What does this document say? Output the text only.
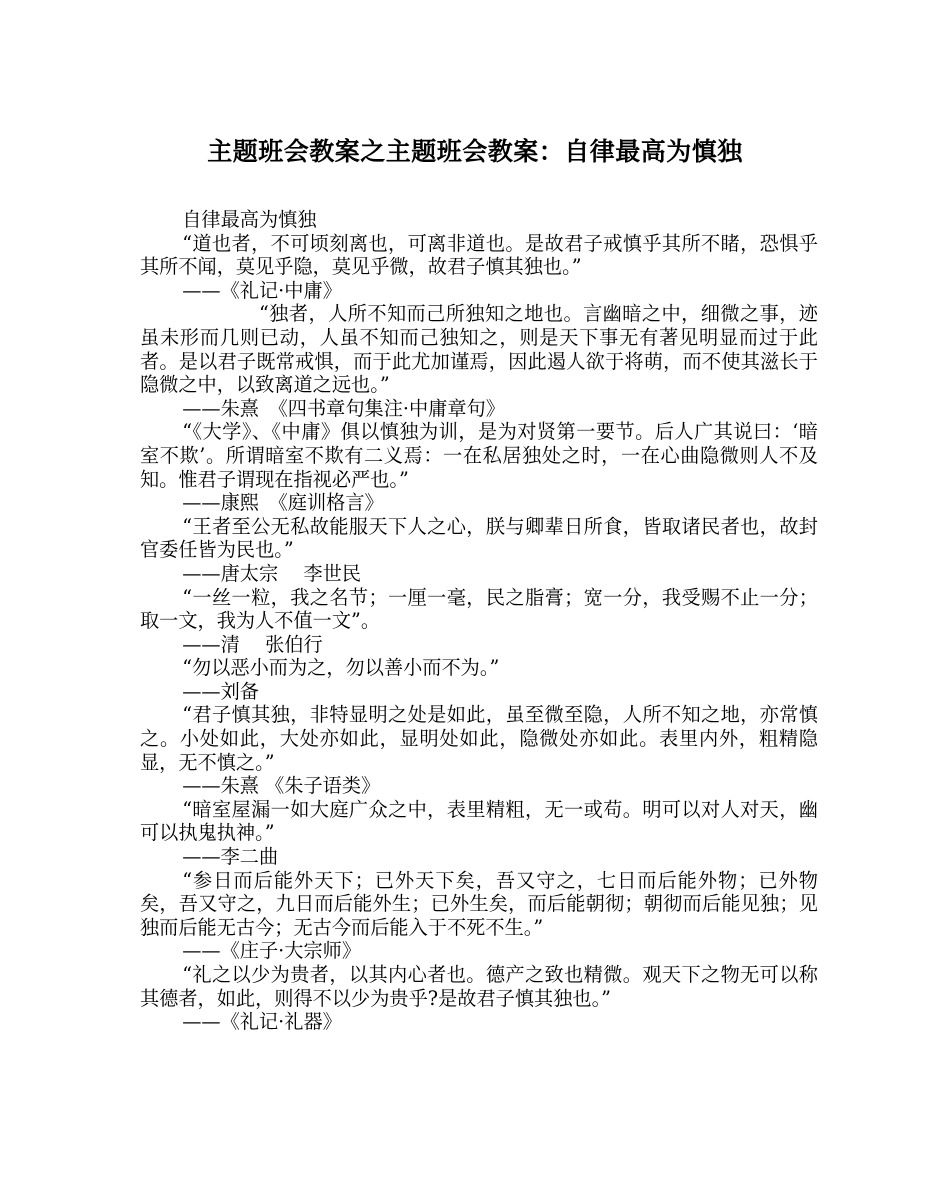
主题班会教案之主题班会教案：自律最高为慎独

自律最高为慎独

“道也者，不可顷刻离也，可离非道也。是故君子戒慎乎其所不睹，恐惧乎其所不闻，莫见乎隐，莫见乎微，故君子慎其独也。”

——《礼记·中庸》

“独者，人所不知而己所独知之地也。言幽暗之中，细微之事，迹虽未形而几则已动，人虽不知而己独知之，则是天下事无有著见明显而过于此者。是以君子既常戒惧，而于此尤加谨焉，因此遏人欲于将萌，而不使其滋长于隐微之中，以致离道之远也。”

——朱熹　《四书章句集注·中庸章句》

“《大学》、《中庸》俱以慎独为训，是为对贤第一要节。后人广其说曰：‘暗室不欺’。所谓暗室不欺有二义焉：一在私居独处之时，一在心曲隐微则人不及知。惟君子谓现在指视必严也。”

——康熙　《庭训格言》

“王者至公无私故能服天下人之心，朕与卿辈日所食，皆取诸民者也，故封官委任皆为民也。”

——唐太宗　 李世民

“一丝一粒，我之名节；一厘一毫，民之脂膏；宽一分，我受赐不止一分；取一文，我为人不值一文”。

——清　 张伯行

“勿以恶小而为之，勿以善小而不为。”

——刘备

“君子慎其独，非特显明之处是如此，虽至微至隐，人所不知之地，亦常慎之。小处如此，大处亦如此，显明处如此，隐微处亦如此。表里内外，粗精隐显，无不慎之。”

——朱熹 《朱子语类》

“暗室屋漏一如大庭广众之中，表里精粗，无一或苟。明可以对人对天，幽可以执鬼执神。”

——李二曲

“参日而后能外天下；已外天下矣，吾又守之，七日而后能外物；已外物矣，吾又守之，九日而后能外生；已外生矣，而后能朝彻；朝彻而后能见独；见独而后能无古今；无古今而后能入于不死不生。”

——《庄子·大宗师》

“礼之以少为贵者，以其内心者也。德产之致也精微。观天下之物无可以称其德者，如此，则得不以少为贵乎?是故君子慎其独也。”

——《礼记·礼器》
